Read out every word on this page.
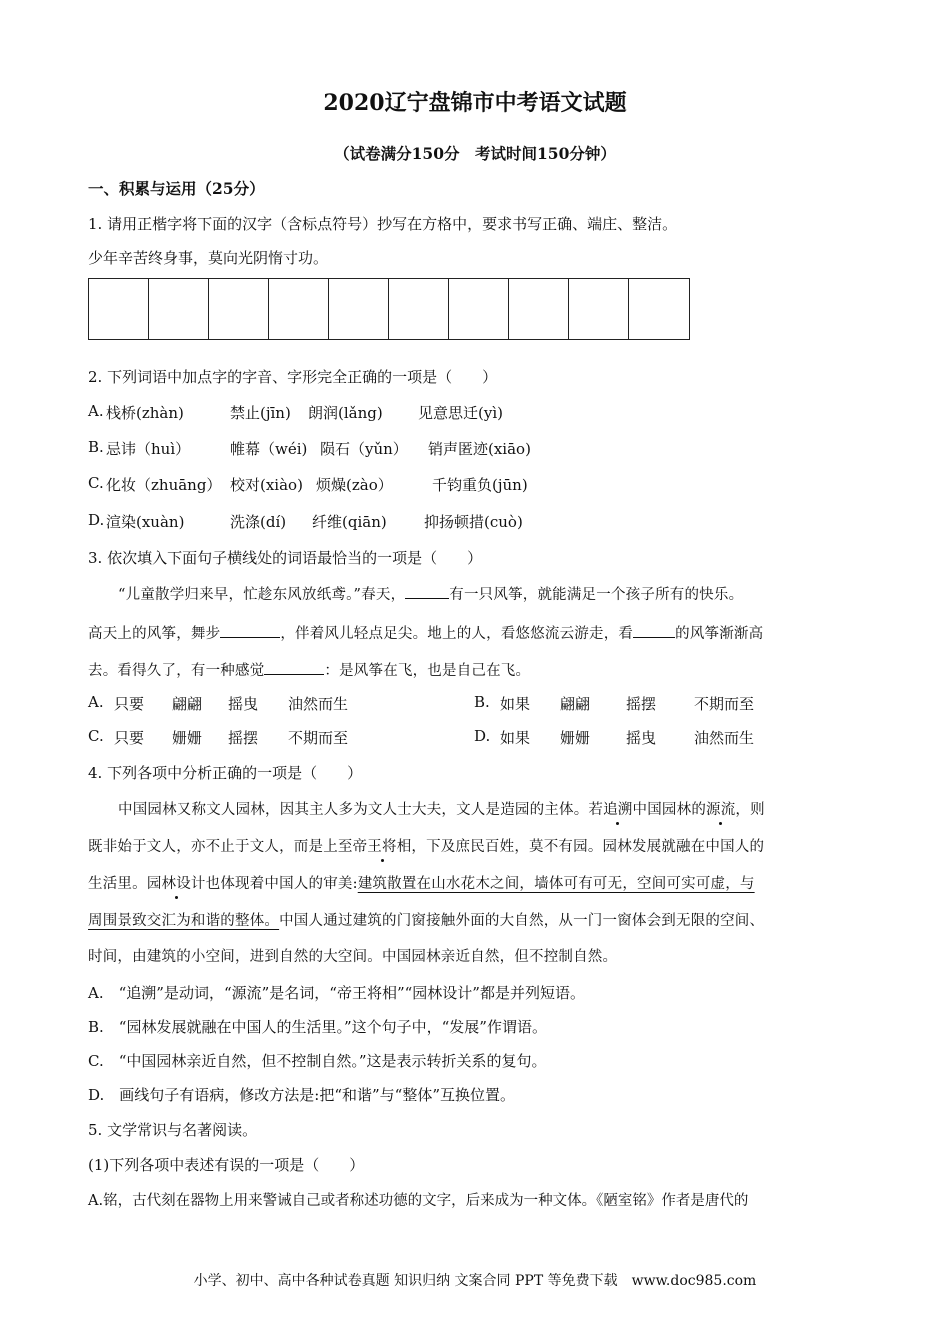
2020辽宁盘锦市中考语文试题
（试卷满分150分　考试时间150分钟）
一、积累与运用（25分）
1. 请用正楷字将下面的汉字（含标点符号）抄写在方格中，要求书写正确、端庄、整洁。
少年辛苦终身事，莫向光阴惰寸功。
2. 下列词语中加点字的字音、字形完全正确的一项是（　　）
A. 栈桥(zhàn)	禁止(jīn) 朗润(lǎng) 见意思迁(yì)
B. 忌讳（huì）	帷幕（wéi) 陨石（yǔn） 销声匿迹(xiāo)
C. 化妆（zhuāng） 校对(xiào) 烦燥(zào）	千钧重负(jūn)
D. 渲染(xuàn)	洗涤(dí) 纤维(qiān) 抑扬顿措(cuò)
3. 依次填入下面句子横线处的词语最恰当的一项是（　　）
“儿童散学归来早，忙趁东风放纸鸢。”春天，	有一只风筝，就能满足一个孩子所有的快乐。
高天上的风筝，舞步	，伴着风儿轻点足尖。地上的人，看悠悠流云游走，看	的风筝渐渐高
去。看得久了，有一种感觉	：是风筝在飞，也是自己在飞。
A. 只要 翩翩 摇曳 油然而生	B. 如果 翩翩 摇摆	不期而至
C. 只要 姗姗 摇摆 不期而至	D. 如果 姗姗 摇曳	油然而生
4. 下列各项中分析正确的一项是（　　）
中国园林又称文人园林，因其主人多为文人士大夫，文人是造园的主体。若追溯中国园林的源流，则
既非始于文人，亦不止于文人，而是上至帝王将相，下及庶民百姓，莫不有园。园林发展就融在中国人的
生活里。园林设计也体现着中国人的审美:建筑散置在山水花木之间，墙体可有可无，空间可实可虚，与
周围景致交汇为和谐的整体。中国人通过建筑的门窗接触外面的大自然，从一门一窗体会到无限的空间、
时间，由建筑的小空间，进到自然的大空间。中国园林亲近自然，但不控制自然。
A.　“追溯”是动词，“源流”是名词，“帝王将相”“园林设计”都是并列短语。
B.　“园林发展就融在中国人的生活里。”这个句子中，“发展”作谓语。
C.　“中国园林亲近自然，但不控制自然。”这是表示转折关系的复句。
D.　画线句子有语病，修改方法是:把“和谐”与“整体”互换位置。
5. 文学常识与名著阅读。
(1)下列各项中表述有误的一项是（　　）
A.铭，古代刻在器物上用来警诫自己或者称述功德的文字，后来成为一种文体。《陋室铭》作者是唐代的
小学、初中、高中各种试卷真题 知识归纳 文案合同 PPT 等免费下载　www.doc985.com
